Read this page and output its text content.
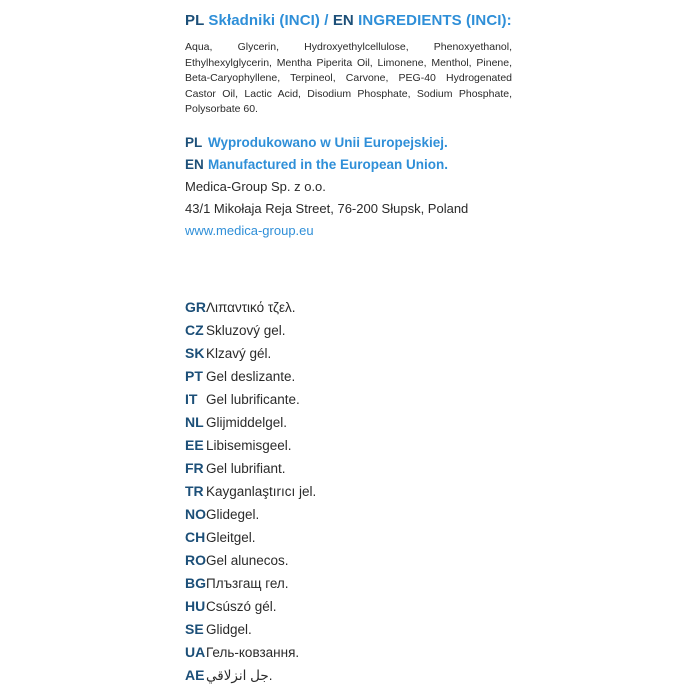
PL Składniki (INCI) / EN INGREDIENTS (INCI):
Aqua, Glycerin, Hydroxyethylcellulose, Phenoxyethanol, Ethylhexylglycerin, Mentha Piperita Oil, Limonene, Menthol, Pinene, Beta-Caryophyllene, Terpineol, Carvone, PEG-40 Hydrogenated Castor Oil, Lactic Acid, Disodium Phosphate, Sodium Phosphate, Polysorbate 60.
PL Wyprodukowano w Unii Europejskiej.
EN Manufactured in the European Union.
Medica-Group Sp. z o.o.
43/1 Mikołaja Reja Street, 76-200 Słupsk, Poland
www.medica-group.eu
GRΛιπαντικό τζελ.
CZ Skluzový gel.
SK Klzavý gél.
PT Gel deslizante.
IT Gel lubrificante.
NL Glijmiddelgel.
EE Libisemisgeel.
FR Gel lubrifiant.
TR Kayganlaştırıcı jel.
NOGlidegel.
CHGleitgel.
ROGel alunecos.
BGПлъзгащ гел.
HUCsúszó gél.
SE Glidgel.
UAГель-ковзання.
AE جل انزلاقي.
